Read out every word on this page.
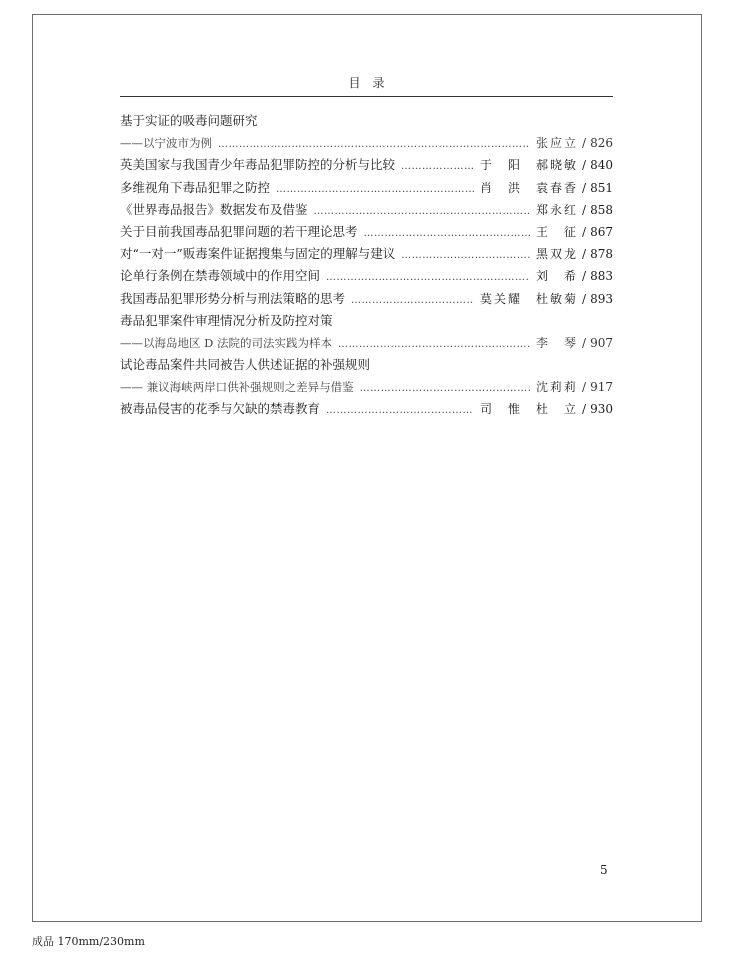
目　录
基于实证的吸毒问题研究
——以宁波市为例 …………………………………………………………………………………………………………………………………………………………………………	张应立 / 826
英美国家与我国青少年毒品犯罪防控的分析与比较 …………………………………………………………………………………………………………………………………………………………………………	于　阳　郝晓敏 / 840
多维视角下毒品犯罪之防控 …………………………………………………………………………………………………………………………………………………………………………	肖　洪　袁春香 / 851
《世界毒品报告》数据发布及借鉴 …………………………………………………………………………………………………………………………………………………………………………	郑永红 / 858
关于目前我国毒品犯罪问题的若干理论思考 …………………………………………………………………………………………………………………………………………………………………………	王　征 / 867
对“一对一”贩毒案件证据搜集与固定的理解与建议 …………………………………………………………………………………………………………………………………………………………………………	黑双龙 / 878
论单行条例在禁毒领域中的作用空间 …………………………………………………………………………………………………………………………………………………………………………	刘　希 / 883
我国毒品犯罪形势分析与刑法策略的思考 …………………………………………………………………………………………………………………………………………………………………………	莫关耀　杜敏菊 / 893
毒品犯罪案件审理情况分析及防控对策
——以海岛地区 D 法院的司法实践为样本 …………………………………………………………………………………………………………………………………………………………………………	李　琴 / 907
试论毒品案件共同被告人供述证据的补强规则
—— 兼议海峡两岸口供补强规则之差异与借鉴 …………………………………………………………………………………………………………………………………………………………………………	沈莉莉 / 917
被毒品侵害的花季与欠缺的禁毒教育 …………………………………………………………………………………………………………………………………………………………………………	司　惟　杜　立 / 930
5
成品 170mm/230mm
